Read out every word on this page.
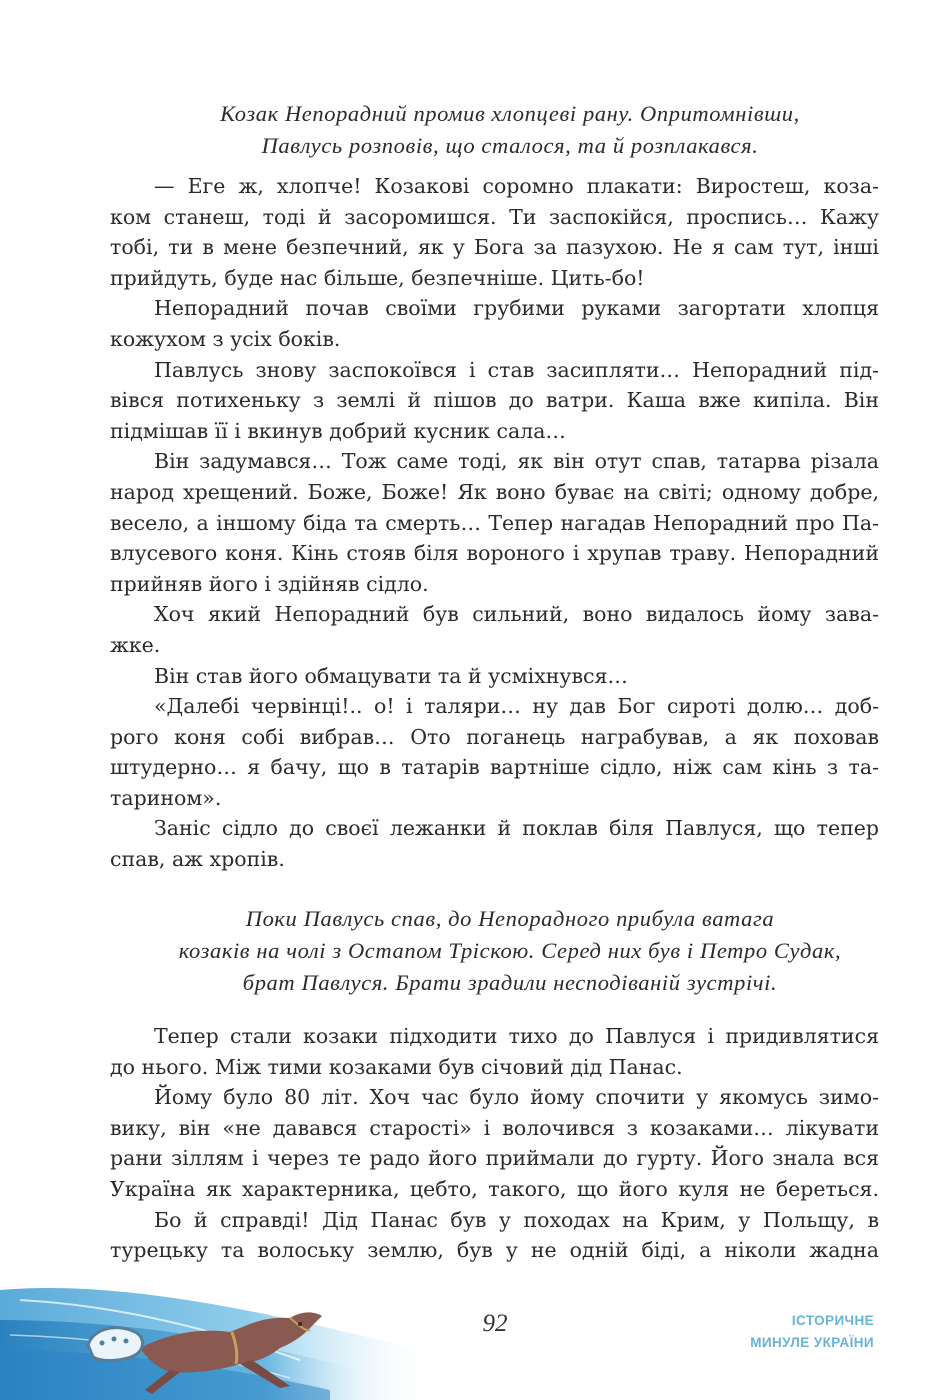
Козак Непорадний промив хлопцеві рану. Опритомнівши,
Павлусь розповів, що сталося, та й розплакався.
— Еге ж, хлопче! Козакові соромно плакати: Виростеш, коза-
ком станеш, тоді й засоромишся. Ти заспокійся, проспись… Кажу
тобі, ти в мене безпечний, як у Бога за пазухою. Не я сам тут, інші
прийдуть, буде нас більше, безпечніше. Цить-бо!
Непорадний почав своїми грубими руками загортати хлопця
кожухом з усіх боків.
Павлусь знову заспокоївся і став засипляти… Непорадний під-
вівся потихеньку з землі й пішов до ватри. Каша вже кипіла. Він
підмішав її і вкинув добрий кусник сала…
Він задумався… Тож саме тоді, як він отут спав, татарва різала
народ хрещений. Боже, Боже! Як воно буває на світі; одному добре,
весело, а іншому біда та смерть… Тепер нагадав Непорадний про Па-
влусевого коня. Кінь стояв біля вороного і хрупав траву. Непорадний
прийняв його і здійняв сідло.
Хоч який Непорадний був сильний, воно видалось йому зава-
жке.
Він став його обмацувати та й усміхнувся…
«Далебі червінці!.. о! і таляри… ну дав Бог сироті долю… доб-
рого коня собі вибрав… Ото поганець награбував, а як поховав
штудерно… я бачу, що в татарів вартніше сідло, ніж сам кінь з та-
тарином».
Заніс сідло до своєї лежанки й поклав біля Павлуся, що тепер
спав, аж хропів.
Поки Павлусь спав, до Непорадного прибула ватага
козаків на чолі з Остапом Тріскою. Серед них був і Петро Судак,
брат Павлуся. Брати зрадили несподіваній зустрічі.
Тепер стали козаки підходити тихо до Павлуся і придивлятися
до нього. Між тими козаками був січовий дід Панас.
Йому було 80 літ. Хоч час було йому спочити у якомусь зимо-
вику, він «не давався старості» і волочився з козаками… лікувати
рани зіллям і через те радо його приймали до гурту. Його знала вся
Україна як характерника, цебто, такого, що його куля не береться.
Бо й справді! Дід Панас був у походах на Крим, у Польщу, в
турецьку та волоську землю, був у не одній біді, а ніколи жадна
92	ІСТОРИЧНЕ
МИНУЛЕ УКРАЇНИ
